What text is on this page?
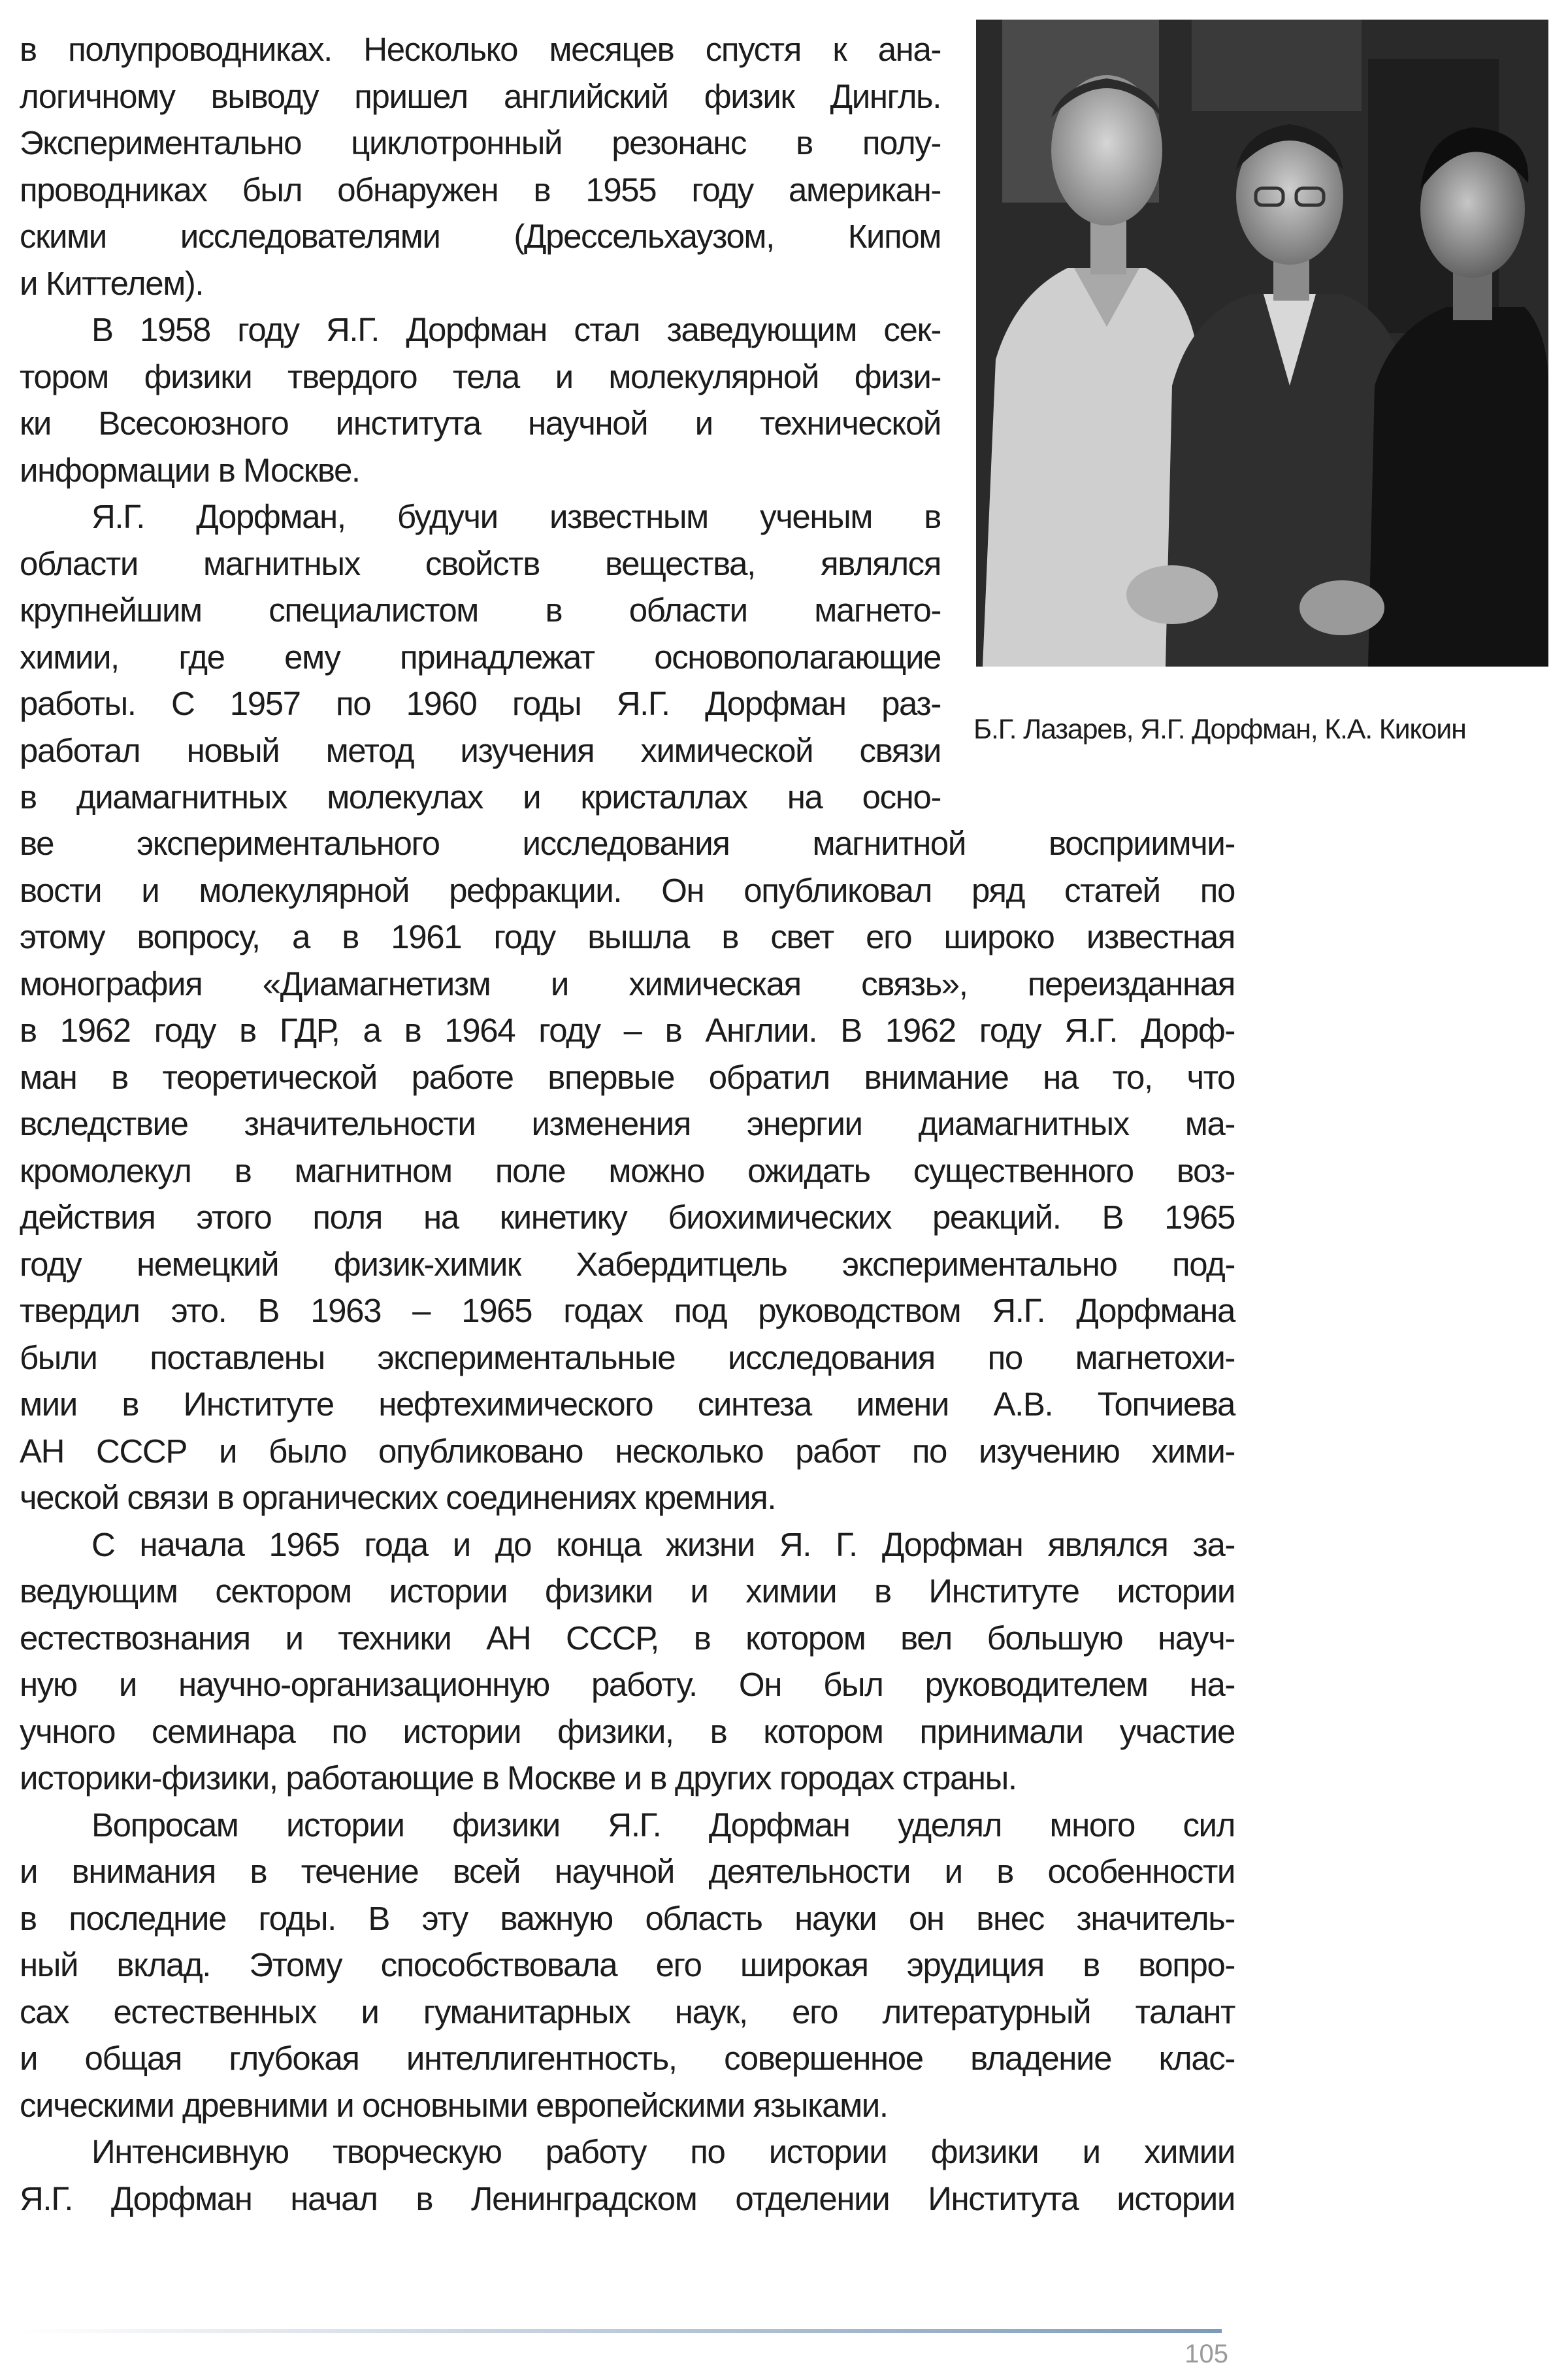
в полупроводниках. Несколько месяцев спустя к ана-
логичному выводу пришел английский физик Дингль.
Экспериментально циклотронный резонанс в полу-
проводниках был обнаружен в 1955 году американ-
скими исследователями (Дрессельхаузом, Кипом
и Киттелем).
В 1958 году Я.Г. Дорфман стал заведующим сек-
тором физики твердого тела и молекулярной физи-
ки Всесоюзного института научной и технической
информации в Москве.
Я.Г. Дорфман, будучи известным ученым в
области магнитных свойств вещества, являлся
крупнейшим специалистом в области магнето-
химии, где ему принадлежат основополагающие
работы. С 1957 по 1960 годы Я.Г. Дорфман раз-
работал новый метод изучения химической связи
в диамагнитных молекулах и кристаллах на осно-
Б.Г. Лазарев, Я.Г. Дорфман, К.А. Кикоин
ве экспериментального исследования магнитной восприимчи-
вости и молекулярной рефракции. Он опубликовал ряд статей по
этому вопросу, а в 1961 году вышла в свет его широко известная
монография «Диамагнетизм и химическая связь», переизданная
в 1962 году в ГДР, а в 1964 году – в Англии. В 1962 году Я.Г. Дорф-
ман в теоретической работе впервые обратил внимание на то, что
вследствие значительности изменения энергии диамагнитных ма-
кромолекул в магнитном поле можно ожидать существенного воз-
действия этого поля на кинетику биохимических реакций. В 1965
году немецкий физик-химик Хабердитцель экспериментально под-
твердил это. В 1963 – 1965 годах под руководством Я.Г. Дорфмана
были поставлены экспериментальные исследования по магнетохи-
мии в Институте нефтехимического синтеза имени А.В. Топчиева
АН СССР и было опубликовано несколько работ по изучению хими-
ческой связи в органических соединениях кремния.
С начала 1965 года и до конца жизни Я. Г. Дорфман являлся за-
ведующим сектором истории физики и химии в Институте истории
естествознания и техники АН СССР, в котором вел большую науч-
ную и научно-организационную работу. Он был руководителем на-
учного семинара по истории физики, в котором принимали участие
историки-физики, работающие в Москве и в других городах страны.
Вопросам истории физики Я.Г. Дорфман уделял много сил
и внимания в течение всей научной деятельности и в особенности
в последние годы. В эту важную область науки он внес значитель-
ный вклад. Этому способствовала его широкая эрудиция в вопро-
сах естественных и гуманитарных наук, его литературный талант
и общая глубокая интеллигентность, совершенное владение клас-
сическими древними и основными европейскими языками.
Интенсивную творческую работу по истории физики и химии
Я.Г. Дорфман начал в Ленинградском отделении Института истории
105
